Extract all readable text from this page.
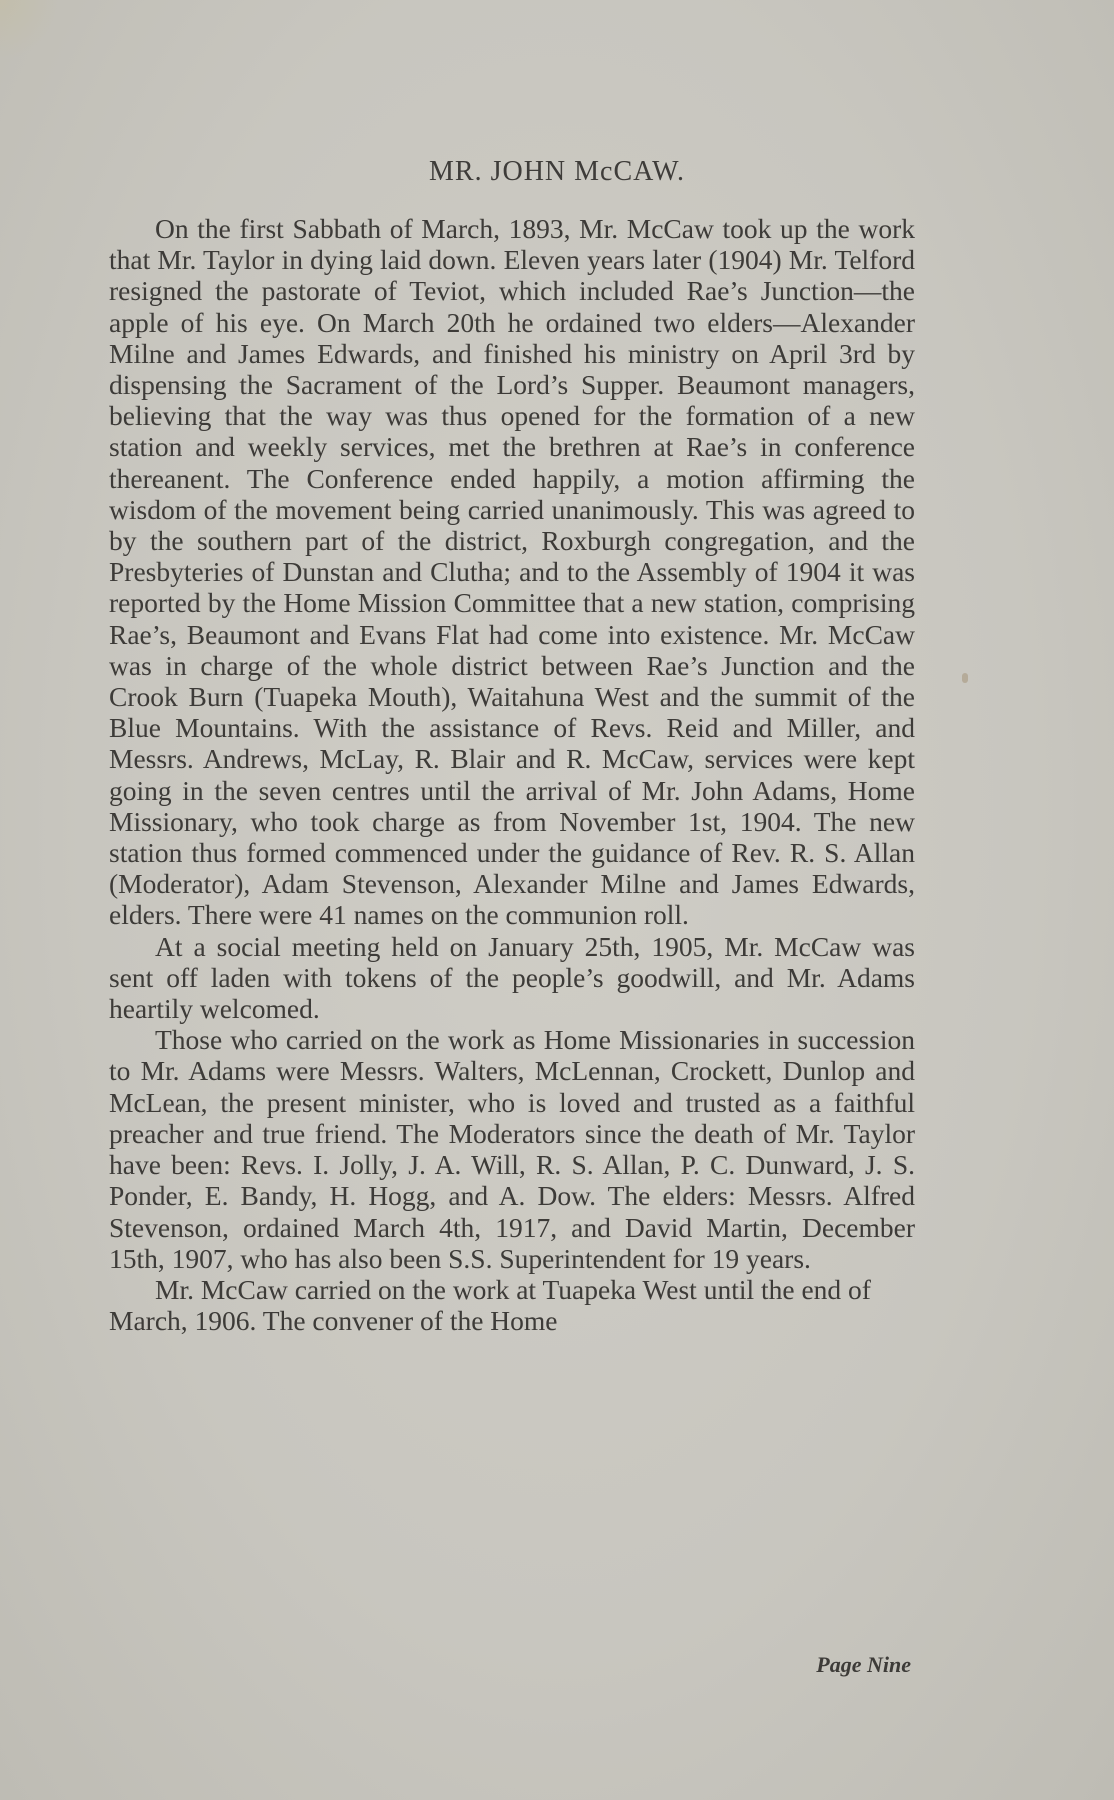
MR. JOHN McCAW.

On the first Sabbath of March, 1893, Mr. McCaw took up the work that Mr. Taylor in dying laid down. Eleven years later (1904) Mr. Telford resigned the pastorate of Teviot, which included Rae’s Junction—the apple of his eye. On March 20th he ordained two elders—Alexander Milne and James Edwards, and finished his ministry on April 3rd by dispensing the Sacrament of the Lord’s Supper. Beaumont managers, believing that the way was thus opened for the formation of a new station and weekly services, met the brethren at Rae’s in conference thereanent. The Conference ended happily, a motion affirming the wisdom of the movement being carried unanimously. This was agreed to by the southern part of the district, Roxburgh congregation, and the Presbyteries of Dunstan and Clutha; and to the Assembly of 1904 it was reported by the Home Mission Committee that a new station, comprising Rae’s, Beaumont and Evans Flat had come into existence. Mr. McCaw was in charge of the whole district between Rae’s Junction and the Crook Burn (Tuapeka Mouth), Waitahuna West and the summit of the Blue Mountains. With the assistance of Revs. Reid and Miller, and Messrs. Andrews, McLay, R. Blair and R. McCaw, services were kept going in the seven centres until the arrival of Mr. John Adams, Home Missionary, who took charge as from November 1st, 1904. The new station thus formed commenced under the guidance of Rev. R. S. Allan (Moderator), Adam Stevenson, Alexander Milne and James Edwards, elders. There were 41 names on the communion roll.

At a social meeting held on January 25th, 1905, Mr. McCaw was sent off laden with tokens of the people’s goodwill, and Mr. Adams heartily welcomed.

Those who carried on the work as Home Missionaries in succession to Mr. Adams were Messrs. Walters, McLennan, Crockett, Dunlop and McLean, the present minister, who is loved and trusted as a faithful preacher and true friend. The Moderators since the death of Mr. Taylor have been: Revs. I. Jolly, J. A. Will, R. S. Allan, P. C. Dunward, J. S. Ponder, E. Bandy, H. Hogg, and A. Dow. The elders: Messrs. Alfred Stevenson, ordained March 4th, 1917, and David Martin, December 15th, 1907, who has also been S.S. Superintendent for 19 years.

Mr. McCaw carried on the work at Tuapeka West until the end of March, 1906. The convener of the Home

Page Nine
